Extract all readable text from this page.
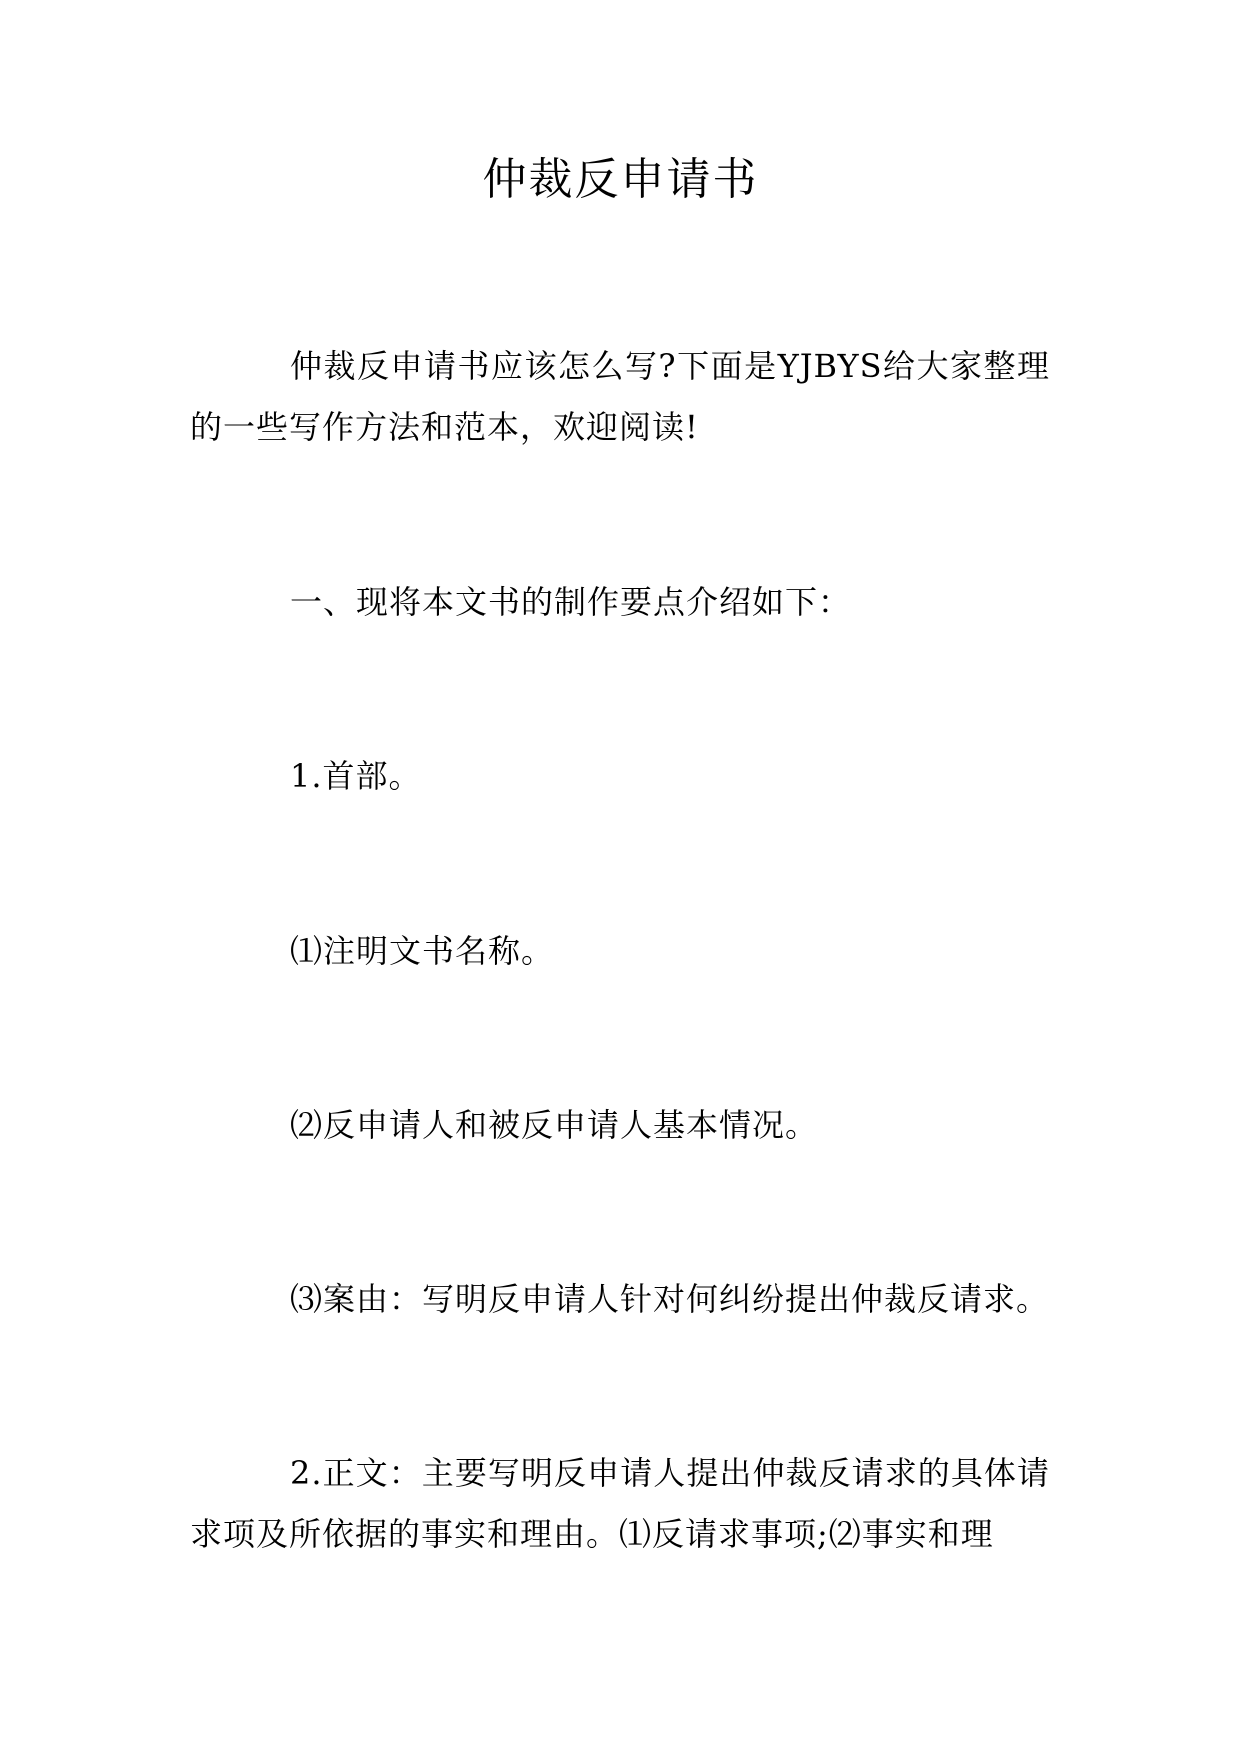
仲裁反申请书

仲裁反申请书应该怎么写?下面是YJBYS给大家整理的一些写作方法和范本，欢迎阅读!

一、现将本文书的制作要点介绍如下：

1.首部。

⑴注明文书名称。

⑵反申请人和被反申请人基本情况。

⑶案由：写明反申请人针对何纠纷提出仲裁反请求。

2.正文：主要写明反申请人提出仲裁反请求的具体请求项及所依据的事实和理由。⑴反请求事项;⑵事实和理
